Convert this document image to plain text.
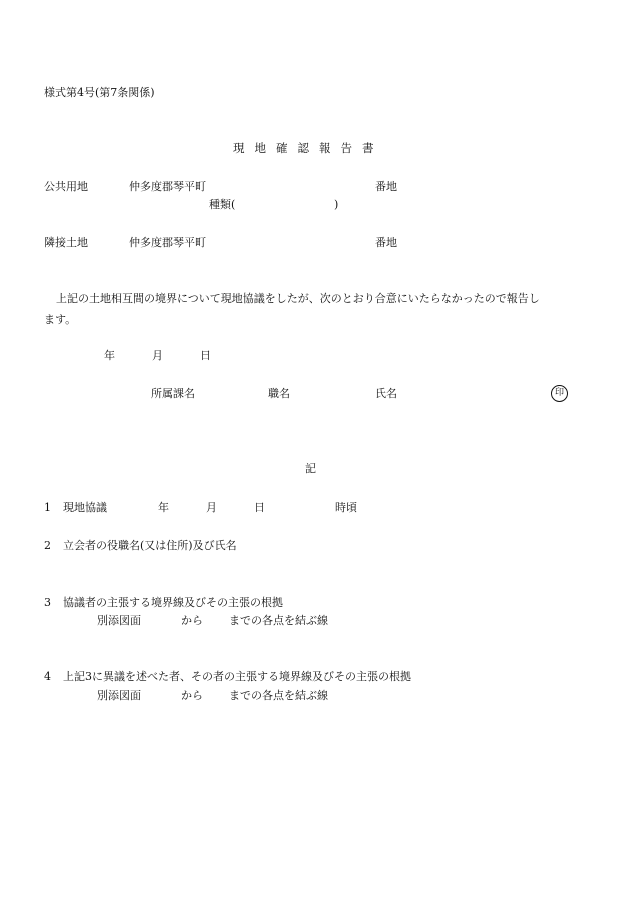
様式第4号(第7条関係)
現地確認報告書
公共用地	仲多度郡琴平町	番地
種類(	)
隣接土地	仲多度郡琴平町	番地
上記の土地相互間の境界について現地協議をしたが、次のとおり合意にいたらなかったので報告し
ます。
年	月	日
所属課名	職名	氏名	印
記
1 現地協議	年	月	日	時頃
2 立会者の役職名(又は住所)及び氏名
3 協議者の主張する境界線及びその主張の根拠
別添図面	から までの各点を結ぶ線
4 上記3に異議を述べた者、その者の主張する境界線及びその主張の根拠
別添図面	から までの各点を結ぶ線
